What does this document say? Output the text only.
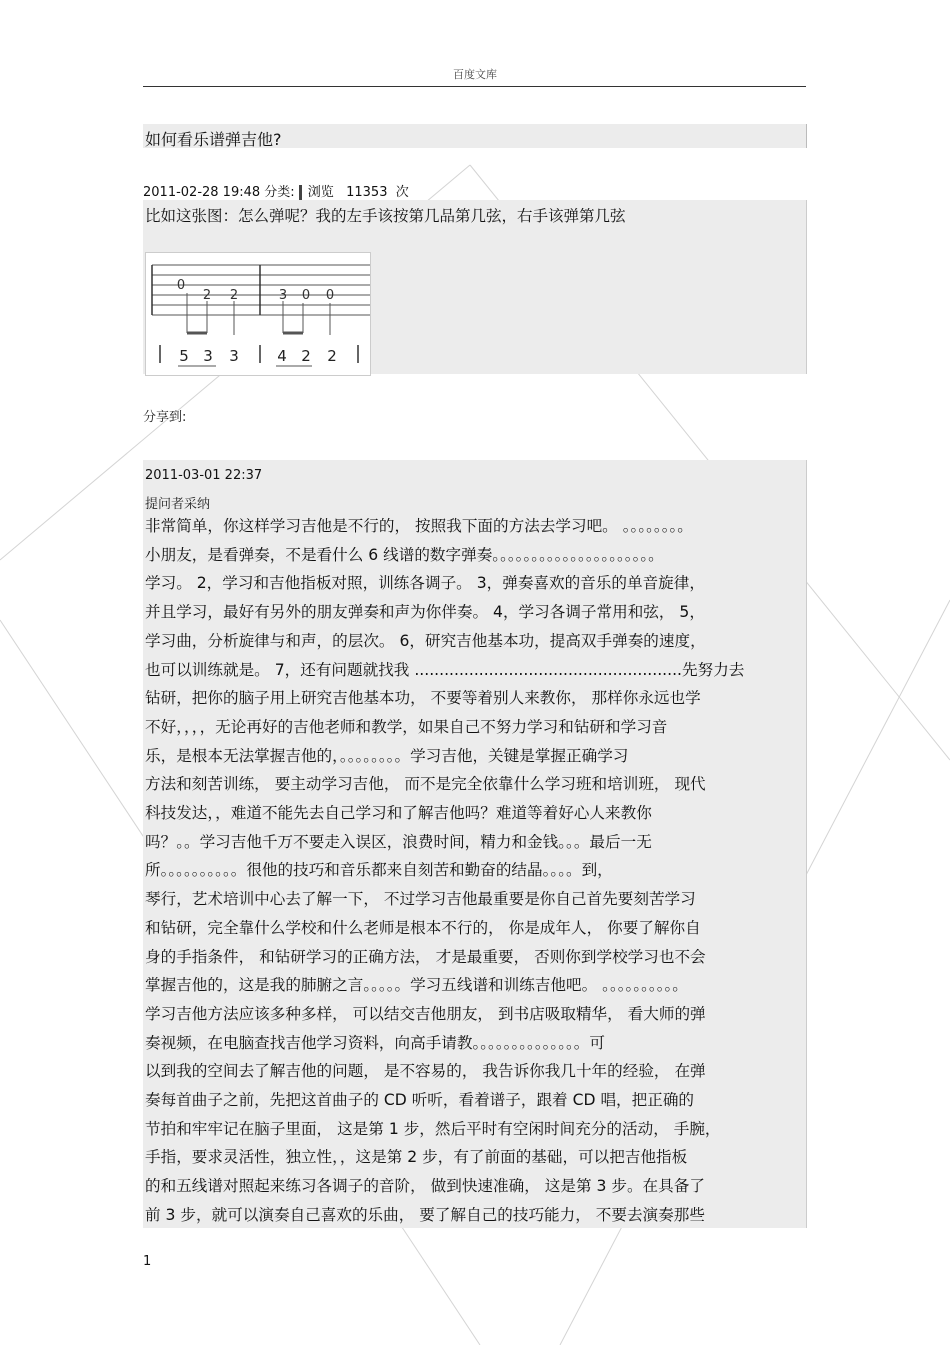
百度文库
如何看乐谱弹吉他?
2011-02-28 19:48 分类: 浏览 11353 次
比如这张图：怎么弹呢？我的左手该按第几品第几弦，右手该弹第几弦
0
2 2	3 0 0
5 3 3	4 2 2
分享到:
2011-03-01 22:37
提问者采纳
非常简单，你这样学习吉他是不行的， 按照我下面的方法去学习吧。 。。。。。。。。
小朋友，是看弹奏，不是看什么 6 线谱的数字弹奏。。。。。。。。。。。。。。。。。。。。。
学习。 2，学习和吉他指板对照，训练各调子。 3，弹奏喜欢的音乐的单音旋律，
并且学习，最好有另外的朋友弹奏和声为你伴奏。 4，学习各调子常用和弦， 5，
学习曲，分析旋律与和声，的层次。 6，研究吉他基本功，提高双手弹奏的速度，
也可以训练就是。 7，还有问题就找我 ......................................................先努力去
钻研，把你的脑子用上研究吉他基本功， 不要等着别人来教你， 那样你永远也学
不好，，，，无论再好的吉他老师和教学，如果自己不努力学习和钻研和学习音
乐，是根本无法掌握吉他的，。。。。。。。。学习吉他，关键是掌握正确学习
方法和刻苦训练， 要主动学习吉他， 而不是完全依靠什么学习班和培训班， 现代
科技发达，，难道不能先去自己学习和了解吉他吗？难道等着好心人来教你
吗？。。学习吉他千万不要走入误区，浪费时间，精力和金钱。。。最后一无
所。。。。。。。。。。很他的技巧和音乐都来自刻苦和勤奋的结晶。。。。到，
琴行，艺术培训中心去了解一下， 不过学习吉他最重要是你自己首先要刻苦学习
和钻研，完全靠什么学校和什么老师是根本不行的， 你是成年人， 你要了解你自
身的手指条件， 和钻研学习的正确方法， 才是最重要， 否则你到学校学习也不会
掌握吉他的，这是我的肺腑之言。。。。。学习五线谱和训练吉他吧。 。。。。。。。。。。
学习吉他方法应该多种多样， 可以结交吉他朋友， 到书店吸取精华， 看大师的弹
奏视频，在电脑查找吉他学习资料，向高手请教。。。。。。。。。。。。。。可
以到我的空间去了解吉他的问题， 是不容易的， 我告诉你我几十年的经验， 在弹
奏每首曲子之前，先把这首曲子的 CD 听听，看着谱子，跟着 CD 唱，把正确的
节拍和牢牢记在脑子里面， 这是第 1 步，然后平时有空闲时间充分的活动， 手腕，
手指，要求灵活性，独立性，，这是第 2 步，有了前面的基础，可以把吉他指板
的和五线谱对照起来练习各调子的音阶， 做到快速准确， 这是第 3 步。在具备了
前 3 步，就可以演奏自己喜欢的乐曲， 要了解自己的技巧能力， 不要去演奏那些
1
